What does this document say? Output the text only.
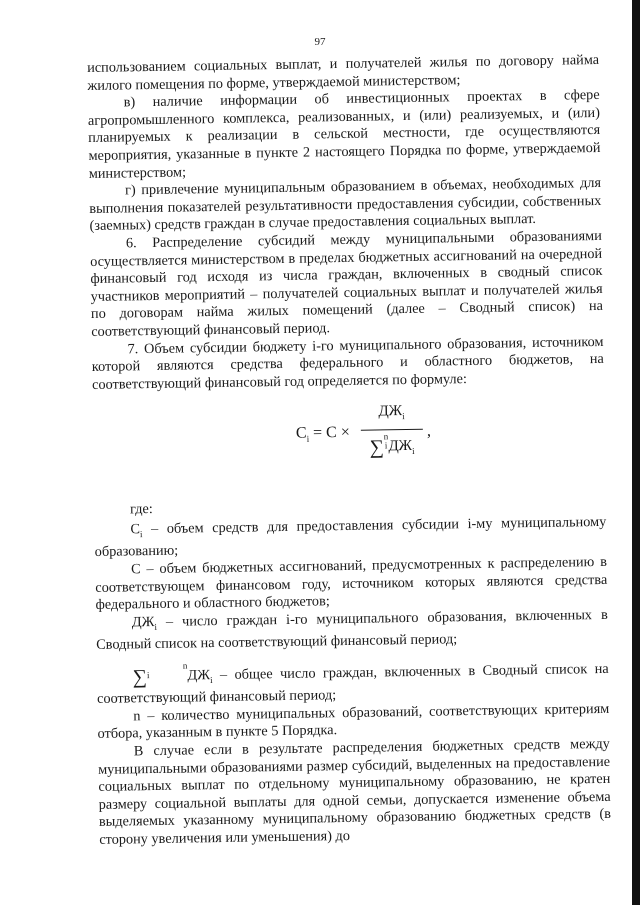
97

использованием социальных выплат, и получателей жилья по договору найма жилого помещения по форме, утверждаемой министерством;

в) наличие информации об инвестиционных проектах в сфере агропромышленного комплекса, реализованных, и (или) реализуемых, и (или) планируемых к реализации в сельской местности, где осуществляются мероприятия, указанные в пункте 2 настоящего Порядка по форме, утверждаемой министерством;

г) привлечение муниципальным образованием в объемах, необходимых для выполнения показателей результативности предоставления субсидии, собственных (заемных) средств граждан в случае предоставления социальных выплат.

6. Распределение субсидий между муниципальными образованиями осуществляется министерством в пределах бюджетных ассигнований на очередной финансовый год исходя из числа граждан, включенных в сводный список участников мероприятий – получателей социальных выплат и получателей жилья по договорам найма жилых помещений (далее – Сводный список) на соответствующий финансовый период.

7. Объем субсидии бюджету i-го муниципального образования, источником которой являются средства федерального и областного бюджетов, на соответствующий финансовый год определяется по формуле:

$C_i = C$ ×
$ДЖ_i$
∑n
iДЖ$_i$
,

где:

$C_i$ – объем средств для предоставления субсидии i-му муниципальному образованию;

C – объем бюджетных ассигнований, предусмотренных к распределению в соответствующем финансовом году, источником которых являются средства федерального и областного бюджетов;

$ДЖ_i$ – число граждан i-го муниципального образования, включенных в Сводный список на соответствующий финансовый период;

∑n
i	$ДЖ_i$ – общее число граждан, включенных в Сводный список на соответствующий финансовый период;

n – количество муниципальных образований, соответствующих критериям отбора, указанным в пункте 5 Порядка.

В случае если в результате распределения бюджетных средств между муниципальными образованиями размер субсидий, выделенных на предоставление социальных выплат по отдельному муниципальному образованию, не кратен размеру социальной выплаты для одной семьи, допускается изменение объема выделяемых указанному муниципальному образованию бюджетных средств (в сторону увеличения или уменьшения) до
